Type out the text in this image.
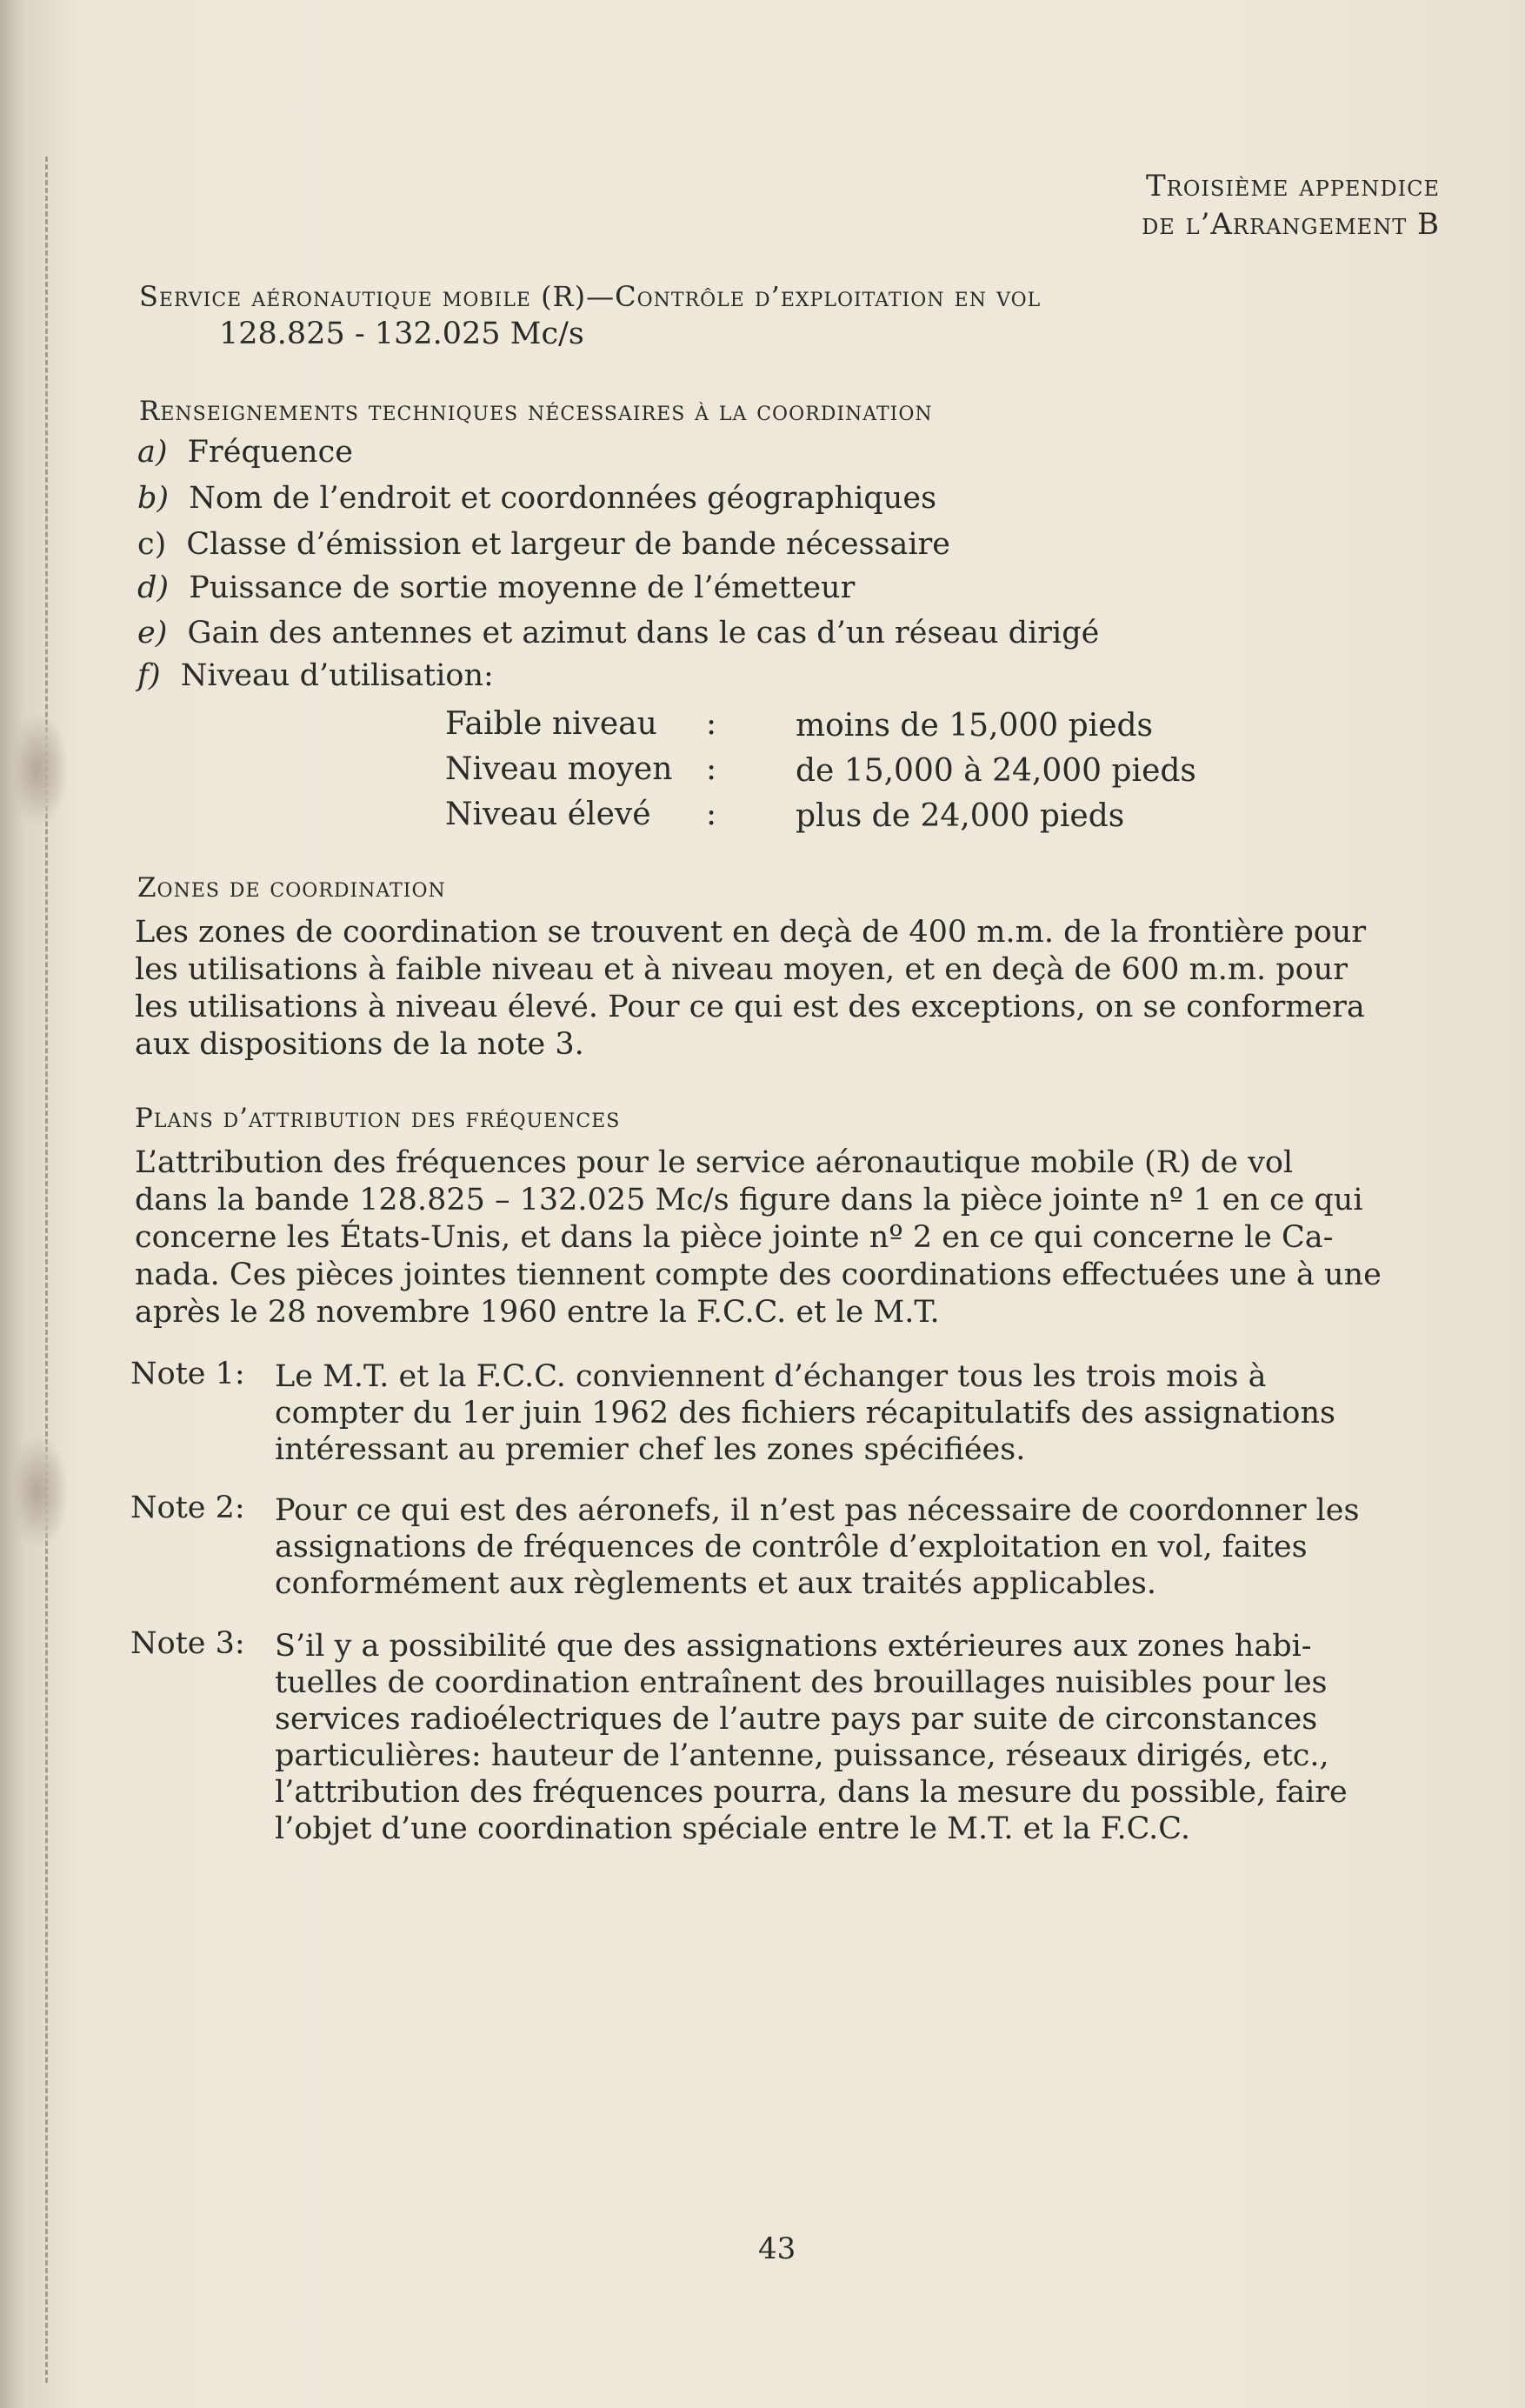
Troisième appendice
de l’Arrangement B
Service aéronautique mobile (R)—Contrôle d’exploitation en vol
128.825 - 132.025 Mc/s
Renseignements techniques nécessaires à la coordination
a) Fréquence
b) Nom de l’endroit et coordonnées géographiques
c) Classe d’émission et largeur de bande nécessaire
d) Puissance de sortie moyenne de l’émetteur
e) Gain des antennes et azimut dans le cas d’un réseau dirigé
f) Niveau d’utilisation:
Faible niveau :	moins de 15,000 pieds
Niveau moyen :	de 15,000 à 24,000 pieds
Niveau élevé :	plus de 24,000 pieds
Zones de coordination
Les zones de coordination se trouvent en deçà de 400 m.m. de la frontière pour
les utilisations à faible niveau et à niveau moyen, et en deçà de 600 m.m. pour
les utilisations à niveau élevé. Pour ce qui est des exceptions, on se conformera
aux dispositions de la note 3.
Plans d’attribution des fréquences
L’attribution des fréquences pour le service aéronautique mobile (R) de vol
dans la bande 128.825 – 132.025 Mc/s figure dans la pièce jointe nº 1 en ce qui
concerne les États-Unis, et dans la pièce jointe nº 2 en ce qui concerne le Ca-
nada. Ces pièces jointes tiennent compte des coordinations effectuées une à une
après le 28 novembre 1960 entre la F.C.C. et le M.T.
Note 1: Le M.T. et la F.C.C. conviennent d’échanger tous les trois mois à
compter du 1er juin 1962 des fichiers récapitulatifs des assignations
intéressant au premier chef les zones spécifiées.
Note 2: Pour ce qui est des aéronefs, il n’est pas nécessaire de coordonner les
assignations de fréquences de contrôle d’exploitation en vol, faites
conformément aux règlements et aux traités applicables.
Note 3: S’il y a possibilité que des assignations extérieures aux zones habi-
tuelles de coordination entraînent des brouillages nuisibles pour les
services radioélectriques de l’autre pays par suite de circonstances
particulières: hauteur de l’antenne, puissance, réseaux dirigés, etc.,
l’attribution des fréquences pourra, dans la mesure du possible, faire
l’objet d’une coordination spéciale entre le M.T. et la F.C.C.
43
